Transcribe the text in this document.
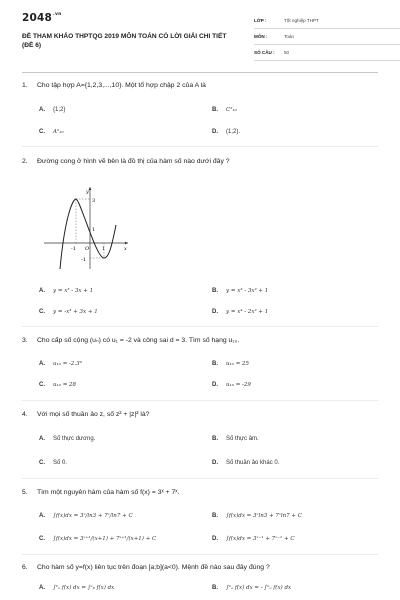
$2048^{.vn}$
ĐỀ THAM KHẢO THPTQG 2019 MÔN TOÁN CÓ LỜI GIẢI CHI TIẾT (ĐỀ 6)
LỚP :	Tốt nghiệp THPT
MÔN :	Toán
SỐ CÂU : 50
1. Cho tập hợp A={1,2,3,...,10}. Một tổ hợp chập 2 của A là
A. {1;2}	B. C²₁₀
C. A²₁₀	D. (1;2).
2. Đường cong ở hình vẽ bên là đồ thị của hàm số nào dưới đây ?
A. y = x³ - 3x + 1	B. y = x³ - 3x² + 1
C. y = -x³ + 3x + 1	D. y = x⁴ - 2x² + 1
y
x
3
1
-1 O	1
-1
3. Cho cấp số cộng (uₙ) có u₁ = -2 và công sai d = 3. Tìm số hạng u₁₀.
A. u₁₀ = -2.3⁹	B. u₁₀ = 25
C. u₁₀ = 28	D. u₁₀ = -29
4. Với mọi số thuần ảo z, số z² + |z|² là?
A. Số thực dương.	B. Số thực âm.
C. Số 0.	D. Số thuần ảo khác 0.
5. Tìm một nguyên hàm của hàm số f(x) = 3ˣ + 7ˣ.
A. ∫f(x)dx = 3ˣ/ln3 + 7ˣ/ln7 + C	B. ∫f(x)dx = 3ˣln3 + 7ˣln7 + C
C. ∫f(x)dx = 3ˣ⁺¹/(x+1) + 7ˣ⁺¹/(x+1) + C	D. ∫f(x)dx = 3ˣ⁻¹ + 7ˣ⁻¹ + C
6. Cho hàm số y=f(x) liên tục trên đoạn [a;b](a<0). Mệnh đề nào sau đây đúng ?
A. ∫ᵇₐ f(x) dx = ∫ᵃᵦ f(x) dx	B. ∫ᵇₐ f(x) dx = - ∫ᵇₐ f(x) dx
